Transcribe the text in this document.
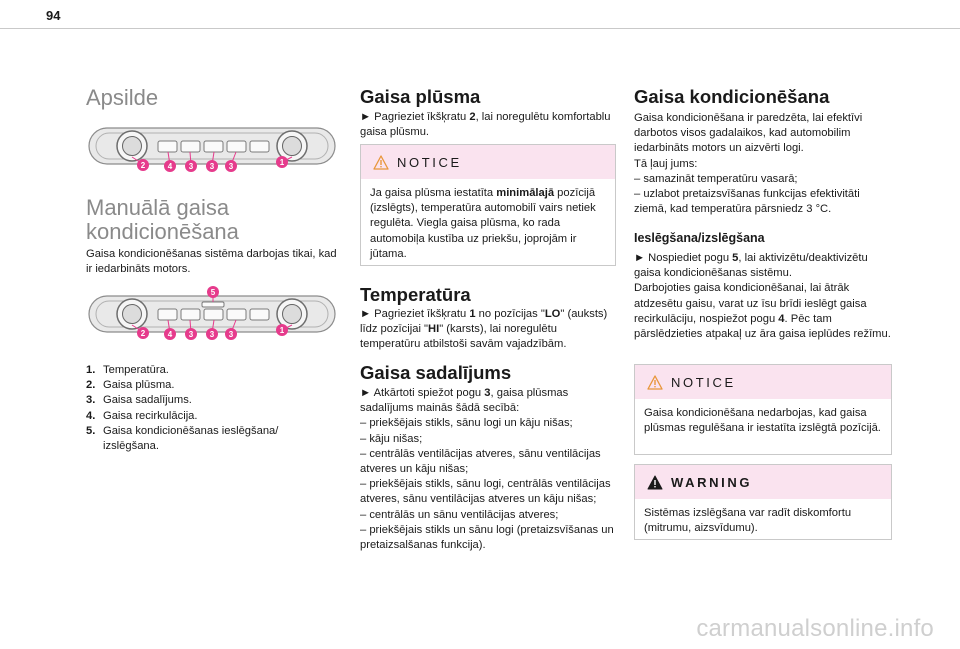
94
Apsilde
2	4 3 3 3	1
Manuālā gaisa
kondicionēšana
Gaisa kondicionēšanas sistēma darbojas tikai, kad ir iedarbināts motors.
2	4 3 3 3	1
5
1. Temperatūra.
2. Gaisa plūsma.
3. Gaisa sadalījums.
4. Gaisa recirkulācija.
5. Gaisa kondicionēšanas ieslēgšana/ izslēgšana.
Gaisa plūsma
► Pagrieziet īkšķratu 2, lai noregulētu komfortablu gaisa plūsmu.
NOTICE
Ja gaisa plūsma iestatīta minimālajā pozīcijā (izslēgts), temperatūra automobilī vairs netiek regulēta. Viegla gaisa plūsma, ko rada automobiļa kustība uz priekšu, joprojām ir jūtama.
Temperatūra
► Pagrieziet īkšķratu 1 no pozīcijas "LO" (auksts) līdz pozīcijai "HI" (karsts), lai noregulētu temperatūru atbilstoši savām vajadzībām.
Gaisa sadalījums
► Atkārtoti spiežot pogu 3, gaisa plūsmas sadalījums mainās šādā secībā:
– priekšējais stikls, sānu logi un kāju nišas;
– kāju nišas;
– centrālās ventilācijas atveres, sānu ventilācijas atveres un kāju nišas;
– priekšējais stikls, sānu logi, centrālās ventilācijas atveres, sānu ventilācijas atveres un kāju nišas;
– centrālās un sānu ventilācijas atveres;
– priekšējais stikls un sānu logi (pretaizsvīšanas un pretaizsalšanas funkcija).
Gaisa kondicionēšana
Gaisa kondicionēšana ir paredzēta, lai efektīvi darbotos visos gadalaikos, kad automobilim iedarbināts motors un aizvērti logi.
Tā ļauj jums:
– samazināt temperatūru vasarā;
– uzlabot pretaizsvīšanas funkcijas efektivitāti ziemā, kad temperatūra pārsniedz 3 °C.
Ieslēgšana/izslēgšana
► Nospiediet pogu 5, lai aktivizētu/deaktivizētu gaisa kondicionēšanas sistēmu.
Darbojoties gaisa kondicionēšanai, lai ātrāk atdzesētu gaisu, varat uz īsu brīdi ieslēgt gaisa recirkulāciju, nospiežot pogu 4. Pēc tam pārslēdzieties atpakaļ uz āra gaisa ieplūdes režīmu.
NOTICE
Gaisa kondicionēšana nedarbojas, kad gaisa plūsmas regulēšana ir iestatīta izslēgtā pozīcijā.
WARNING
Sistēmas izslēgšana var radīt diskomfortu (mitrumu, aizsvīdumu).
carmanualsonline.info
